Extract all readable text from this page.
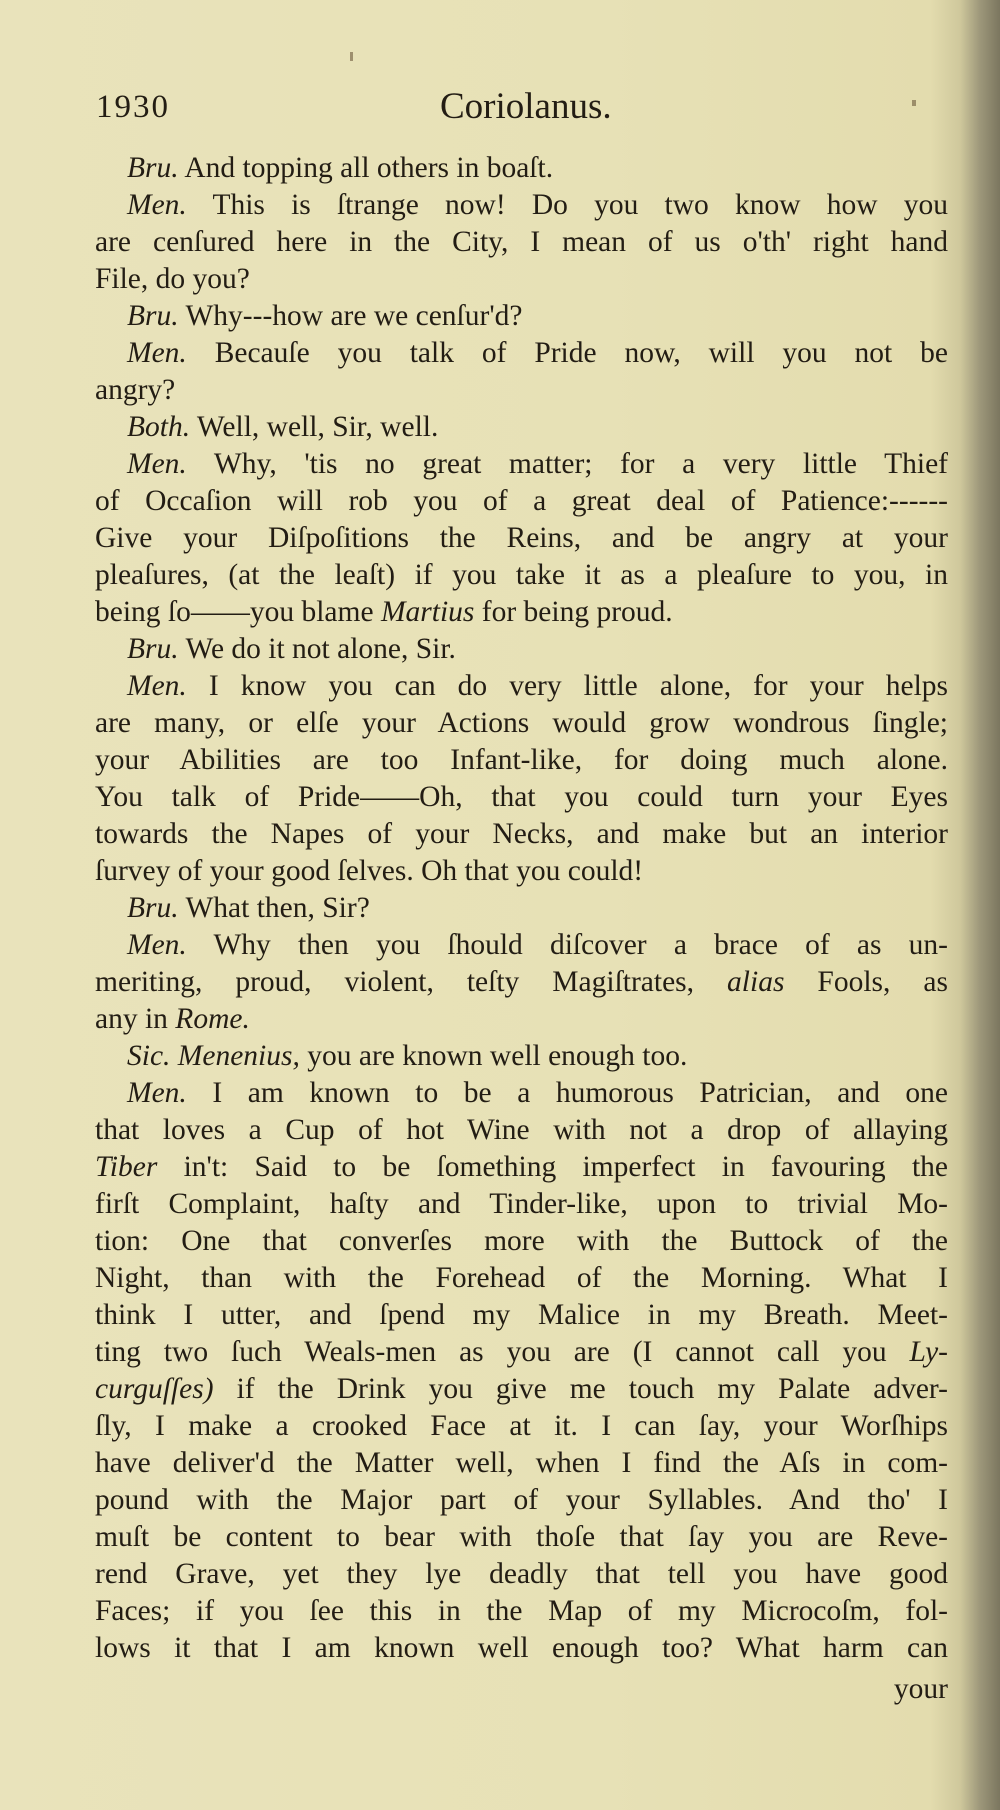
1930	Coriolanus.
Bru. And topping all others in boaſt.
Men. This is ſtrange now! Do you two know how you
are cenſured here in the City, I mean of us o'th' right hand
File, do you?
Bru. Why---how are we cenſur'd?
Men. Becauſe you talk of Pride now, will you not be
angry?
Both. Well, well, Sir, well.
Men. Why, 'tis no great matter; for a very little Thief
of Occaſion will rob you of a great deal of Patience:------
Give your Diſpoſitions the Reins, and be angry at your
pleaſures, (at the leaſt) if you take it as a pleaſure to you, in
being ſo——you blame Martius for being proud.
Bru. We do it not alone, Sir.
Men. I know you can do very little alone, for your helps
are many, or elſe your Actions would grow wondrous ſingle;
your Abilities are too Infant-like, for doing much alone.
You talk of Pride——Oh, that you could turn your Eyes
towards the Napes of your Necks, and make but an interior
ſurvey of your good ſelves. Oh that you could!
Bru. What then, Sir?
Men. Why then you ſhould diſcover a brace of as un-
meriting, proud, violent, teſty Magiſtrates, alias Fools, as
any in Rome.
Sic. Menenius, you are known well enough too.
Men. I am known to be a humorous Patrician, and one
that loves a Cup of hot Wine with not a drop of allaying
Tiber in't: Said to be ſomething imperfect in favouring the
firſt Complaint, haſty and Tinder-like, upon to trivial Mo-
tion: One that converſes more with the Buttock of the
Night, than with the Forehead of the Morning. What I
think I utter, and ſpend my Malice in my Breath. Meet-
ting two ſuch Weals-men as you are (I cannot call you Ly-
curguſſes) if the Drink you give me touch my Palate adver-
ſly, I make a crooked Face at it. I can ſay, your Worſhips
have deliver'd the Matter well, when I find the Aſs in com-
pound with the Major part of your Syllables. And tho' I
muſt be content to bear with thoſe that ſay you are Reve-
rend Grave, yet they lye deadly that tell you have good
Faces; if you ſee this in the Map of my Microcoſm, fol-
lows it that I am known well enough too? What harm can
your
